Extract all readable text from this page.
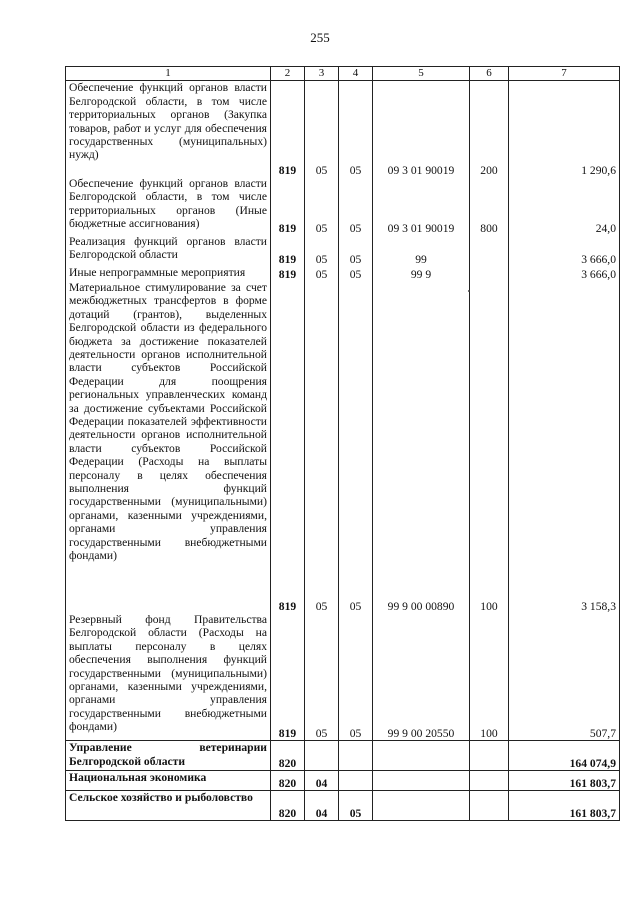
255
1	2	3	4	5	6	7
Обеспечение функций органов власти Белгородской области, в том числе территориальных органов (Закупка товаров, работ и услуг для обеспечения государственных (муниципальных) нужд)	819	05	05	09 3 01 90019	200	1 290,6
Обеспечение функций органов власти Белгородской области, в том числе территориальных органов (Иные бюджетные ассигнования)	819	05	05	09 3 01 90019	800	24,0
Реализация функций органов власти Белгородской области	819	05	05	99		3 666,0
Иные непрограммные мероприятия	819	05	05	99 9		3 666,0
Материальное стимулирование за счет межбюджетных трансфертов в форме дотаций (грантов), выделенных Белгородской области из федерального бюджета за достижение показателей деятельности органов исполнительной власти субъектов Российской Федерации для поощрения региональных управленческих команд за достижение субъектами Российской Федерации показателей эффективности деятельности органов исполнительной власти субъектов Российской Федерации (Расходы на выплаты персоналу в целях обеспечения выполнения функций государственными (муниципальными) органами, казенными учреждениями, органами управления государственными внебюджетными фондами)	819	05	05	99 9 00 00890	100	3 158,3
Резервный фонд Правительства Белгородской области (Расходы на выплаты персоналу в целях обеспечения выполнения функций государственными (муниципальными) органами, казенными учреждениями, органами управления государственными внебюджетными фондами)	819	05	05	99 9 00 20550	100	507,7
Управление ветеринарии Белгородской области	820					164 074,9
Национальная экономика	820	04				161 803,7
Сельское хозяйство и рыболовство	820	04	05			161 803,7
